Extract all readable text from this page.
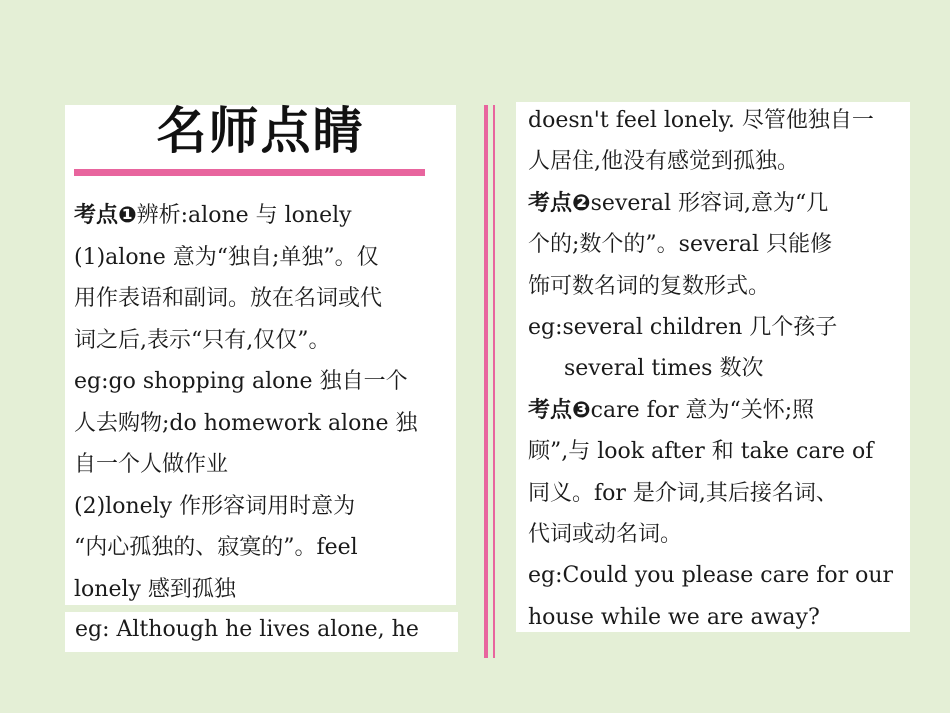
名师点睛
考点❶辨析:alone 与 lonely
(1)alone 意为“独自;单独”。仅
用作表语和副词。放在名词或代
词之后,表示“只有,仅仅”。
eg:go shopping alone 独自一个
人去购物;do homework alone 独
自一个人做作业
(2)lonely 作形容词用时意为
“内心孤独的、寂寞的”。feel
lonely 感到孤独
eg: Although he lives alone, he
doesn't feel lonely. 尽管他独自一
人居住,他没有感觉到孤独。
考点❷several 形容词,意为“几
个的;数个的”。several 只能修
饰可数名词的复数形式。
eg:several children 几个孩子
several times 数次
考点❸care for 意为“关怀;照
顾”,与 look after 和 take care of
同义。for 是介词,其后接名词、
代词或动名词。
eg:Could you please care for our
house while we are away?
